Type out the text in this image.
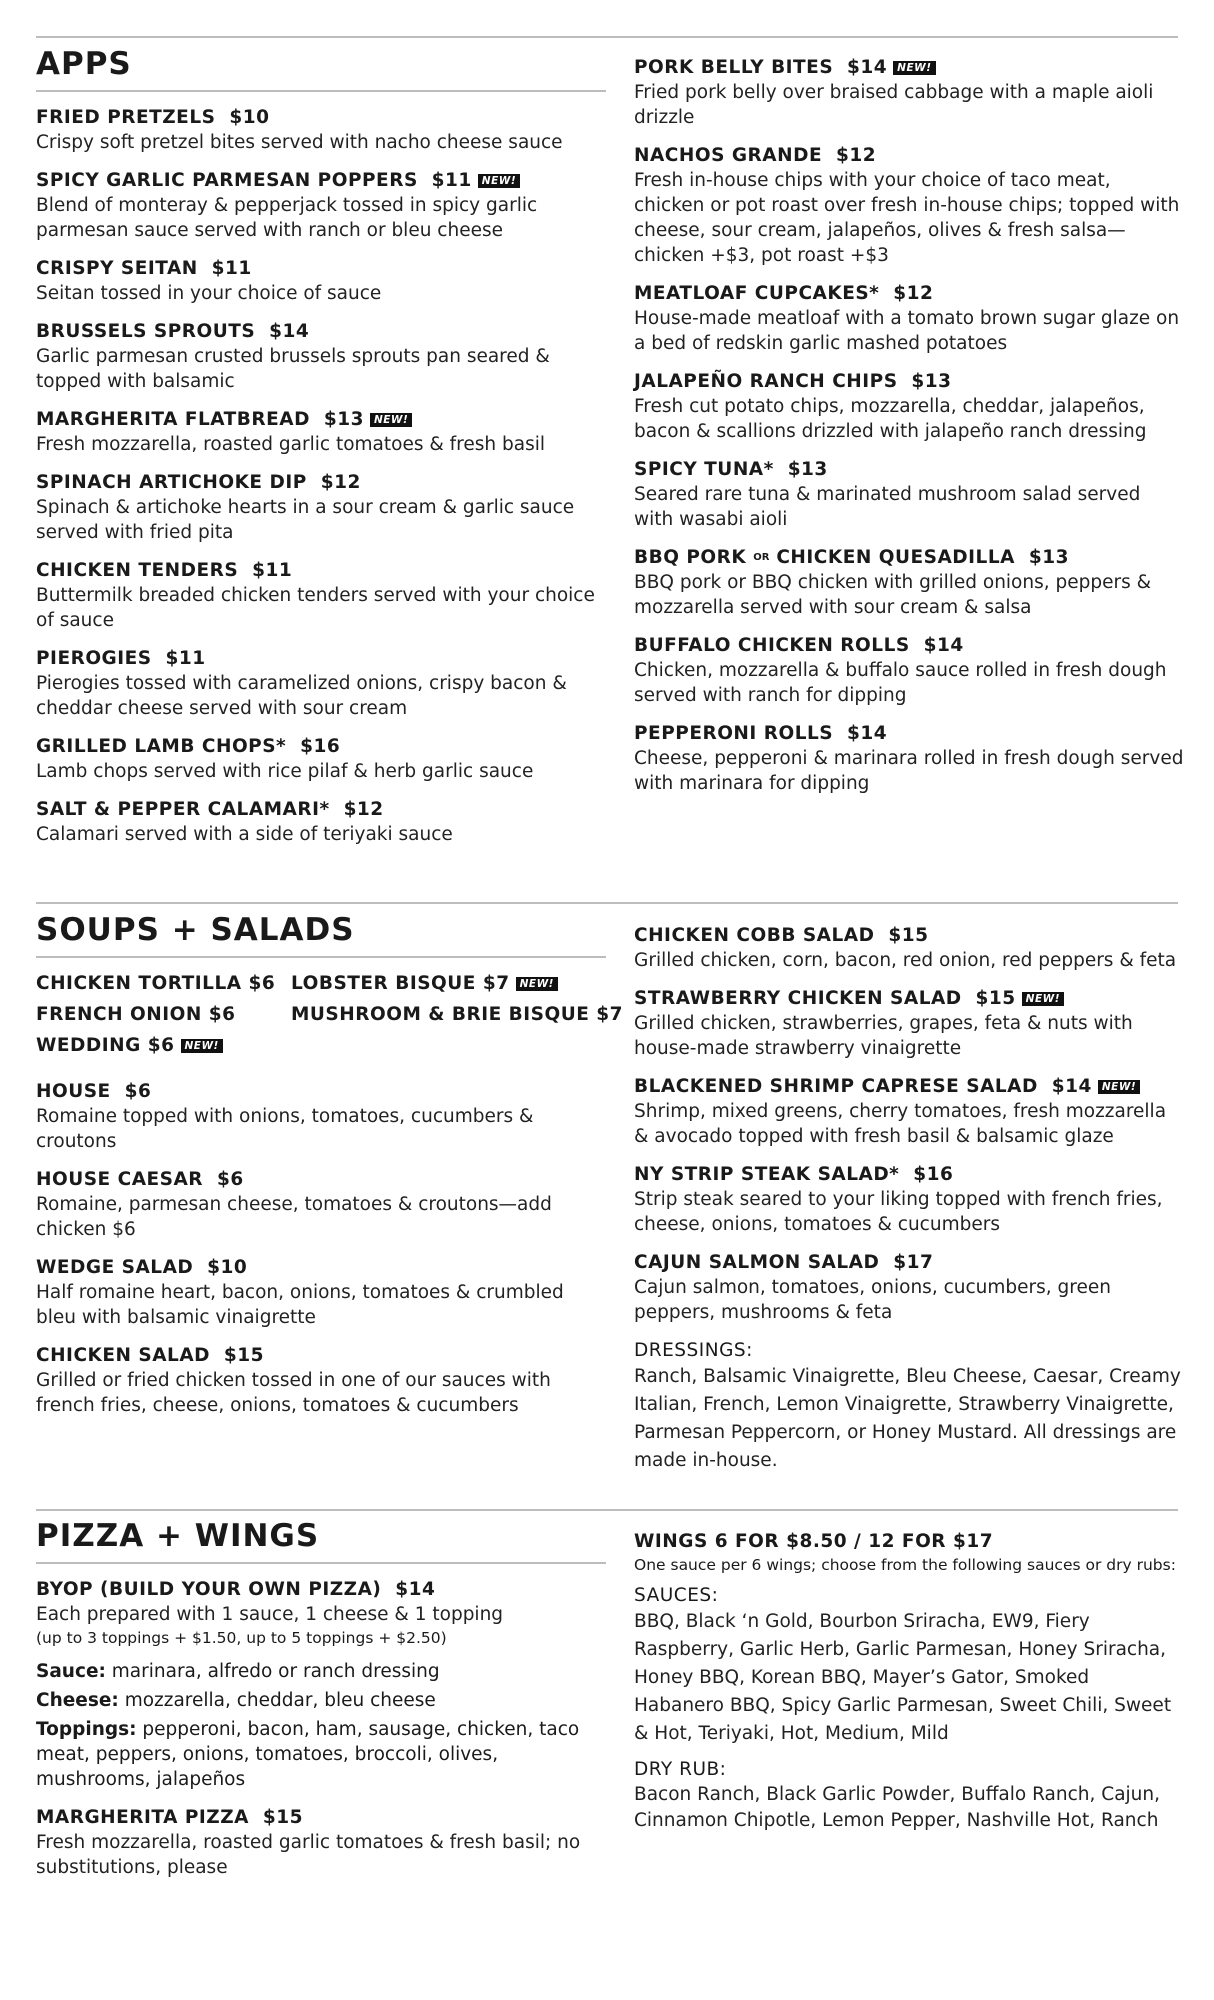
APPS
FRIED PRETZELS $10
Crispy soft pretzel bites served with nacho cheese sauce
SPICY GARLIC PARMESAN POPPERS $11 NEW!
Blend of monteray & pepperjack tossed in spicy garlic parmesan sauce served with ranch or bleu cheese
CRISPY SEITAN $11
Seitan tossed in your choice of sauce
BRUSSELS SPROUTS $14
Garlic parmesan crusted brussels sprouts pan seared & topped with balsamic
MARGHERITA FLATBREAD $13 NEW!
Fresh mozzarella, roasted garlic tomatoes & fresh basil
SPINACH ARTICHOKE DIP $12
Spinach & artichoke hearts in a sour cream & garlic sauce served with fried pita
CHICKEN TENDERS $11
Buttermilk breaded chicken tenders served with your choice of sauce
PIEROGIES $11
Pierogies tossed with caramelized onions, crispy bacon & cheddar cheese served with sour cream
GRILLED LAMB CHOPS* $16
Lamb chops served with rice pilaf & herb garlic sauce
SALT & PEPPER CALAMARI* $12
Calamari served with a side of teriyaki sauce
PORK BELLY BITES $14 NEW!
Fried pork belly over braised cabbage with a maple aioli drizzle
NACHOS GRANDE $12
Fresh in-house chips with your choice of taco meat, chicken or pot roast over fresh in-house chips; topped with cheese, sour cream, jalapeños, olives & fresh salsa—chicken +$3, pot roast +$3
MEATLOAF CUPCAKES* $12
House-made meatloaf with a tomato brown sugar glaze on a bed of redskin garlic mashed potatoes
JALAPEÑO RANCH CHIPS $13
Fresh cut potato chips, mozzarella, cheddar, jalapeños, bacon & scallions drizzled with jalapeño ranch dressing
SPICY TUNA* $13
Seared rare tuna & marinated mushroom salad served with wasabi aioli
BBQ PORK OR CHICKEN QUESADILLA $13
BBQ pork or BBQ chicken with grilled onions, peppers & mozzarella served with sour cream & salsa
BUFFALO CHICKEN ROLLS $14
Chicken, mozzarella & buffalo sauce rolled in fresh dough served with ranch for dipping
PEPPERONI ROLLS $14
Cheese, pepperoni & marinara rolled in fresh dough served with marinara for dipping
SOUPS + SALADS
CHICKEN TORTILLA $6 LOBSTER BISQUE $7 NEW!
FRENCH ONION $6	MUSHROOM & BRIE BISQUE $7
WEDDING $6 NEW!
HOUSE $6
Romaine topped with onions, tomatoes, cucumbers & croutons
HOUSE CAESAR $6
Romaine, parmesan cheese, tomatoes & croutons—add chicken $6
WEDGE SALAD $10
Half romaine heart, bacon, onions, tomatoes & crumbled bleu with balsamic vinaigrette
CHICKEN SALAD $15
Grilled or fried chicken tossed in one of our sauces with french fries, cheese, onions, tomatoes & cucumbers
CHICKEN COBB SALAD $15
Grilled chicken, corn, bacon, red onion, red peppers & feta
STRAWBERRY CHICKEN SALAD $15 NEW!
Grilled chicken, strawberries, grapes, feta & nuts with house-made strawberry vinaigrette
BLACKENED SHRIMP CAPRESE SALAD $14 NEW!
Shrimp, mixed greens, cherry tomatoes, fresh mozzarella & avocado topped with fresh basil & balsamic glaze
NY STRIP STEAK SALAD* $16
Strip steak seared to your liking topped with french fries, cheese, onions, tomatoes & cucumbers
CAJUN SALMON SALAD $17
Cajun salmon, tomatoes, onions, cucumbers, green peppers, mushrooms & feta
DRESSINGS:
Ranch, Balsamic Vinaigrette, Bleu Cheese, Caesar, Creamy Italian, French, Lemon Vinaigrette, Strawberry Vinaigrette, Parmesan Peppercorn, or Honey Mustard. All dressings are made in-house.
PIZZA + WINGS
BYOP (BUILD YOUR OWN PIZZA) $14
Each prepared with 1 sauce, 1 cheese & 1 topping
(up to 3 toppings + $1.50, up to 5 toppings + $2.50)
Sauce: marinara, alfredo or ranch dressing
Cheese: mozzarella, cheddar, bleu cheese
Toppings: pepperoni, bacon, ham, sausage, chicken, taco meat, peppers, onions, tomatoes, broccoli, olives, mushrooms, jalapeños
MARGHERITA PIZZA $15
Fresh mozzarella, roasted garlic tomatoes & fresh basil; no substitutions, please
WINGS 6 FOR $8.50 / 12 FOR $17
One sauce per 6 wings; choose from the following sauces or dry rubs:
SAUCES:
BBQ, Black ‘n Gold, Bourbon Sriracha, EW9, Fiery Raspberry, Garlic Herb, Garlic Parmesan, Honey Sriracha, Honey BBQ, Korean BBQ, Mayer’s Gator, Smoked Habanero BBQ, Spicy Garlic Parmesan, Sweet Chili, Sweet & Hot, Teriyaki, Hot, Medium, Mild
DRY RUB:
Bacon Ranch, Black Garlic Powder, Buffalo Ranch, Cajun, Cinnamon Chipotle, Lemon Pepper, Nashville Hot, Ranch
